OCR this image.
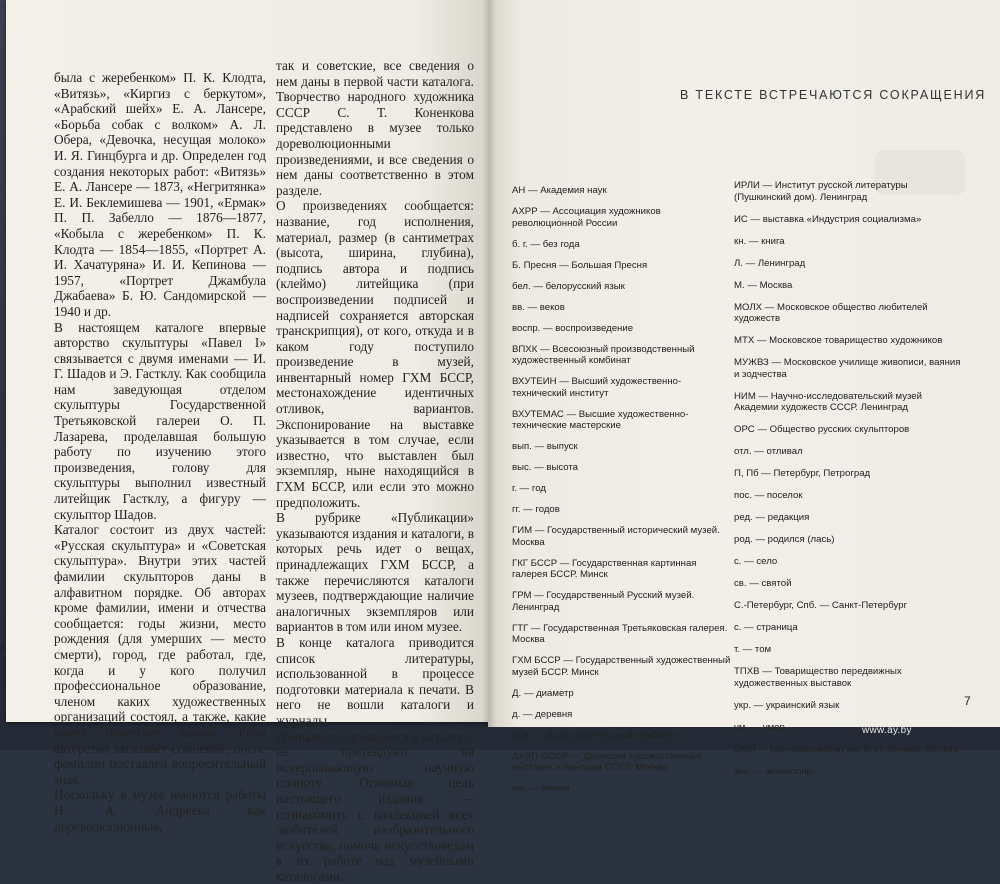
была с жеребенком» П. К. Клодта, «Витязь», «Киргиз с беркутом», «Арабский шейх» Е. А. Лансере, «Борьба собак с волком» А. Л. Обера, «Девочка, несущая молоко» И. Я. Гинцбурга и др. Определен год создания некоторых работ: «Витязь» Е. А. Лансере — 1873, «Негритянка» Е. И. Беклемишева — 1901, «Ермак» П. П. Забелло — 1876—1877, «Кобыла с жеребенком» П. К. Клодта — 1854—1855, «Портрет А. И. Хачатуряна» И. И. Кепинова — 1957, «Портрет Джамбула Джабаева» Б. Ю. Сандомирской — 1940 и др.

В настоящем каталоге впервые авторство скульптуры «Павел I» связывается с двумя именами — И. Г. Шадов и Э. Гастклу. Как сообщила нам заведующая отделом скульптуры Государственной Третьяковской галереи О. П. Лазарева, проделавшая большую работу по изучению этого произведения, голову для скульптуры выполнил известный литейщик Гастклу, а фигуру — скульптор Шадов.

Каталог состоит из двух частей: «Русская скульптура» и «Советская скульптура». Внутри этих частей фамилии скульпторов даны в алфавитном порядке. Об авторах кроме фамилии, имени и отчества сообщается: годы жизни, место рождения (для умерших — место смерти), город, где работал, где, когда и у кого получил профессиональное образование, членом каких художественных организаций состоял, а также, какие имеет почетные звания. Если авторство вызывает сомнение, после фамилии поставлен вопросительный знак.

Поскольку в музее имеются работы Н. А. Андреева как дореволюционные,

так и советские, все сведения о нем даны в первой части каталога. Творчество народного художника СССР С. Т. Коненкова представлено в музее только дореволюционными произведениями, и все сведения о нем даны соответственно в этом разделе.

О произведениях сообщается: название, год исполнения, материал, размер (в сантиметрах (высота, ширина, глубина), подпись автора и подпись (клеймо) литейщика (при воспроизведении подписей и надписей сохраняется авторская транскрипция), от кого, откуда и в каком году поступило произведение в музей, инвентарный номер ГХМ БССР, местонахождение идентичных отливок, вариантов. Экспонирование на выставке указывается в том случае, если известно, что выставлен был экземпляр, ныне находящийся в ГХМ БССР, или если это можно предположить.

В рубрике «Публикации» указываются издания и каталоги, в которых речь идет о вещах, принадлежащих ГХМ БССР, а также перечисляются каталоги музеев, подтверждающие наличие аналогичных экземпляров или вариантов в том или ином музее.

В конце каталога приводится список литературы, использованной в процессе подготовки материала к печати. В него не вошли каталоги и журналы.

Данные, содержащиеся в каталоге, не претендуют на исчерпывающую научную полноту. Основная цель настоящего издания — познакомить с коллекцией всех любителей изобразительного искусства, помочь искусствоведам в их работе над музейными каталогами.

р
В ТЕКСТЕ ВСТРЕЧАЮТСЯ СОКРАЩЕНИЯ
АН — Академия наук
АХРР — Ассоциация художников революционной России
б. г. — без года
Б. Пресня — Большая Пресня
бел. — белорусский язык
вв. — веков
воспр. — воспроизведение
ВПХК — Всесоюзный производственный художественный комбинат
ВХУТЕИН — Высший художественно-технический институт
ВХУТЕМАС — Высшие художественно-технические мастерские
вып. — выпуск
выс. — высота
г. — год
гг. — годов
ГИМ — Государственный исторический музей. Москва
ГКГ БССР — Государственная картинная галерея БССР. Минск
ГРМ — Государственный Русский музей. Ленинград
ГТГ — Государственная Третьяковская галерея. Москва
ГХМ БССР — Государственный художественный музей БССР. Минск
Д. — диаметр
д. — деревня
ДОК — Домостроительный комбинат
ДХВП СССР — Дирекция художественных выставок и панорам СССР. Москва
им. — имени
ИРЛИ — Институт русской литературы (Пушкинский дом). Ленинград
ИС — выставка «Индустрия социализма»
кн. — книга
Л. — Ленинград
М. — Москва
МОЛХ — Московское общество любителей художеств
МТХ — Московское товарищество художников
МУЖВЗ — Московское училище живописи, ваяния и зодчества
НИМ — Научно-исследовательский музей Академии художеств СССР. Ленинград
ОРС — Общество русских скульпторов
отл. — отливал
П, Пб — Петербург, Петроград
пос. — поселок
ред. — редакция
род. — родился (лась)
с. — село
св. — святой
С.-Петербург, Спб. — Санкт-Петербург
с. — страница
т. — том
ТПХВ — Товарищество передвижных художественных выставок
укр. — украинский язык
ум. — умер
ЦМЛ — Центральный музей В. И. Ленина. Москва
экз. — экземпляр
7
www.ay.by
